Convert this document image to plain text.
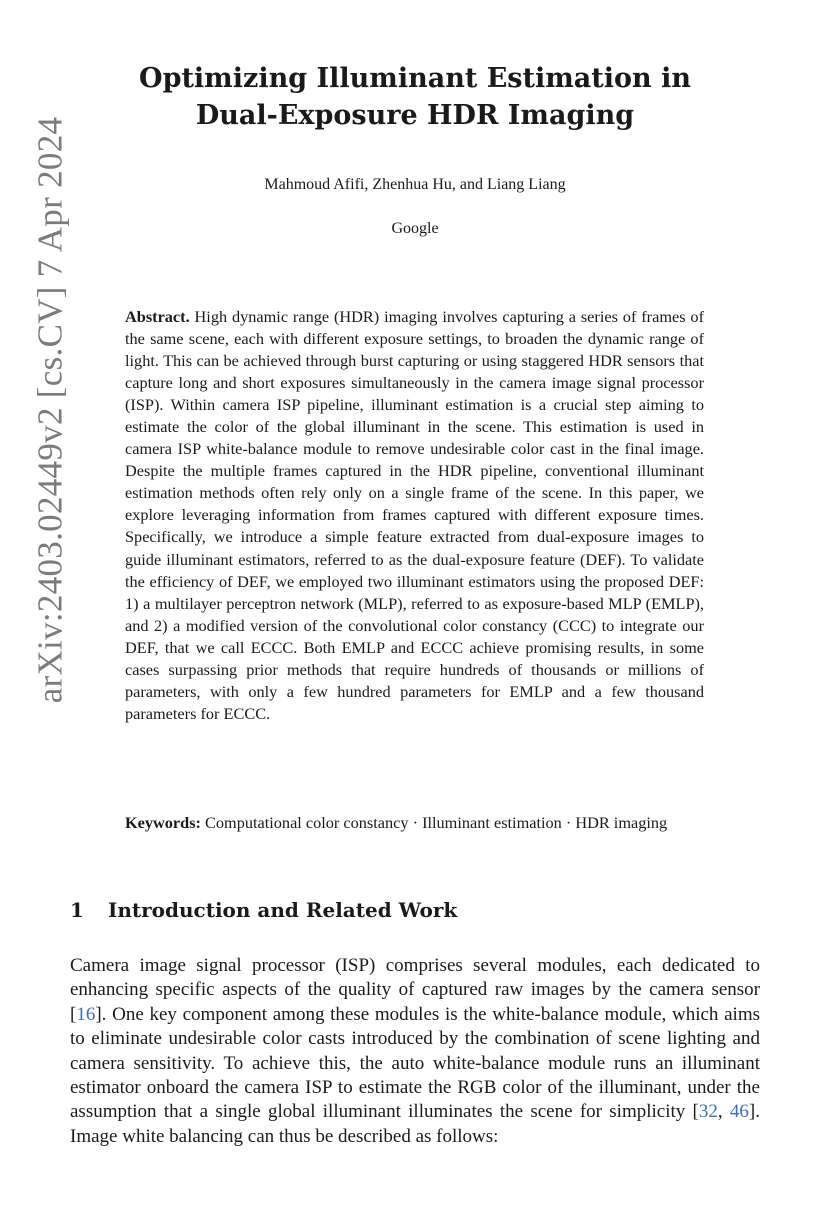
arXiv:2403.02449v2 [cs.CV] 7 Apr 2024
Optimizing Illuminant Estimation in
Dual-Exposure HDR Imaging
Mahmoud Afifi, Zhenhua Hu, and Liang Liang
Google
Abstract. High dynamic range (HDR) imaging involves capturing a series of frames of the same scene, each with different exposure settings, to broaden the dynamic range of light. This can be achieved through burst capturing or using staggered HDR sensors that capture long and short exposures simultaneously in the camera image signal processor (ISP). Within camera ISP pipeline, illuminant estimation is a crucial step aiming to estimate the color of the global illuminant in the scene. This estimation is used in camera ISP white-balance module to remove undesirable color cast in the final image. Despite the multiple frames captured in the HDR pipeline, conventional illuminant estimation methods often rely only on a single frame of the scene. In this paper, we explore leveraging information from frames captured with different exposure times. Specifically, we introduce a simple feature extracted from dual-exposure images to guide illuminant estimators, referred to as the dual-exposure feature (DEF). To validate the efficiency of DEF, we employed two illuminant estimators using the proposed DEF: 1) a multilayer perceptron network (MLP), referred to as exposure-based MLP (EMLP), and 2) a modified version of the convolutional color constancy (CCC) to integrate our DEF, that we call ECCC. Both EMLP and ECCC achieve promising results, in some cases surpassing prior methods that require hundreds of thousands or millions of parameters, with only a few hundred parameters for EMLP and a few thousand parameters for ECCC.
Keywords: Computational color constancy · Illuminant estimation · HDR imaging
1 Introduction and Related Work
Camera image signal processor (ISP) comprises several modules, each dedicated to enhancing specific aspects of the quality of captured raw images by the camera sensor [16]. One key component among these modules is the white-balance module, which aims to eliminate undesirable color casts introduced by the combination of scene lighting and camera sensitivity. To achieve this, the auto white-balance module runs an illuminant estimator onboard the camera ISP to estimate the RGB color of the illuminant, under the assumption that a single global illuminant illuminates the scene for simplicity [32, 46]. Image white balancing can thus be described as follows:
